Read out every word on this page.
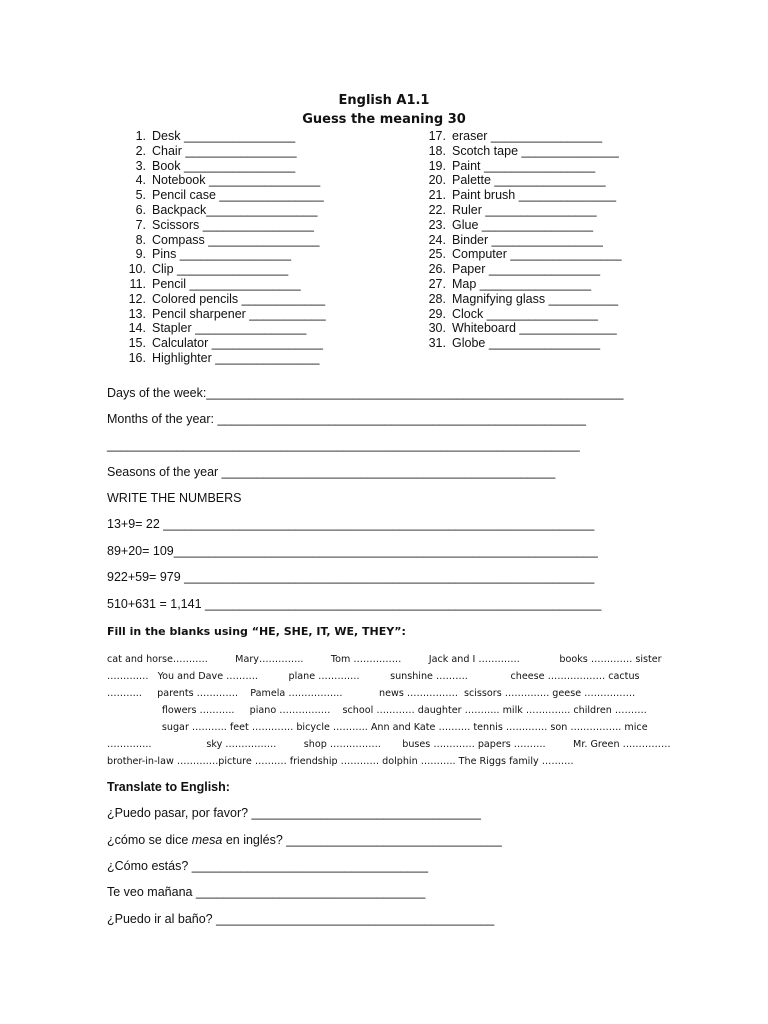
English A1.1
Guess the meaning 30
1. Desk ________________
2. Chair ________________
3. Book ________________
4. Notebook ________________
5. Pencil case _______________
6. Backpack________________
7. Scissors ________________
8. Compass ________________
9. Pins ________________
10. Clip ________________
11. Pencil ________________
12. Colored pencils ____________
13. Pencil sharpener ___________
14. Stapler ________________
15. Calculator ________________
16. Highlighter _______________
17. eraser ________________
18. Scotch tape ______________
19. Paint ________________
20. Palette ________________
21. Paint brush ______________
22. Ruler ________________
23. Glue ________________
24. Binder ________________
25. Computer ________________
26. Paper ________________
27. Map ________________
28. Magnifying glass __________
29. Clock ________________
30. Whiteboard ______________
31. Globe ________________
Days of the week:____________________________________________________________
Months of the year: _____________________________________________________
____________________________________________________________________
Seasons of the year ________________________________________________
WRITE THE NUMBERS
13+9= 22 ______________________________________________________________
89+20= 109_____________________________________________________________
922+59= 979 ___________________________________________________________
510+631 = 1,141 _________________________________________________________
Fill in the blanks using “HE, SHE, IT, WE, THEY”:
cat and horse………..         Mary…………..         Tom ……………         Jack and I ………….             books …………. sister
………….   You and Dave ……….          plane ………….          sunshine ……….              cheese ……………… cactus
………..     parents ………….    Pamela ……………..            news …………….  scissors ………….. geese …………….
flowers ………..     piano …………….    school ………… daughter ……….. milk ………….. children ……….
sugar ……….. feet …………. bicycle ……….. Ann and Kate ………. tennis …………. son ……………. mice
…………..                  sky …………….         shop …………….       buses …………. papers ……….         Mr. Green ……………
brother-in-law ………….picture ………. friendship ………… dolphin ……….. The Riggs family ……….
Translate to English:
¿Puedo pasar, por favor? _________________________________
¿cómo se dice mesa en inglés? _______________________________
¿Cómo estás? __________________________________
Te veo mañana _________________________________
¿Puedo ir al baño? ________________________________________
